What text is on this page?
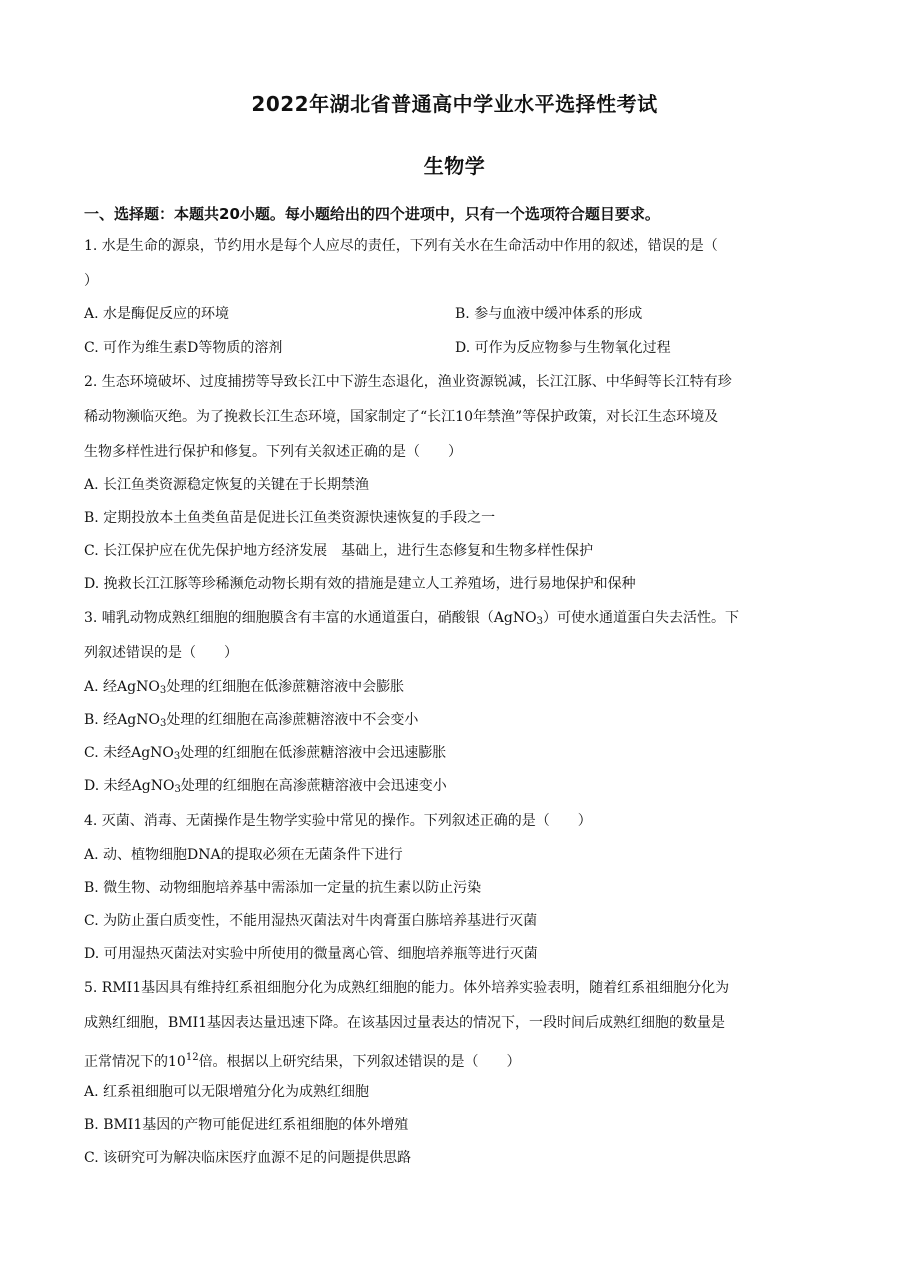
2022年湖北省普通高中学业水平选择性考试
生物学
一、选择题：本题共20小题。每小题给出的四个进项中，只有一个选项符合题目要求。
1. 水是生命的源泉，节约用水是每个人应尽的责任，下列有关水在生命活动中作用的叙述，错误的是（
）
A. 水是酶促反应的环境	B. 参与血液中缓冲体系的形成
C. 可作为维生素D等物质的溶剂	D. 可作为反应物参与生物氧化过程
2. 生态环境破坏、过度捕捞等导致长江中下游生态退化，渔业资源锐减，长江江豚、中华鲟等长江特有珍
稀动物濒临灭绝。为了挽救长江生态环境，国家制定了“长江10年禁渔”等保护政策，对长江生态环境及
生物多样性进行保护和修复。下列有关叙述正确的是（　　）
A. 长江鱼类资源稳定恢复的关键在于长期禁渔
B. 定期投放本土鱼类鱼苗是促进长江鱼类资源快速恢复的手段之一
C. 长江保护应在优先保护地方经济发展　基础上，进行生态修复和生物多样性保护
D. 挽救长江江豚等珍稀濒危动物长期有效的措施是建立人工养殖场，进行易地保护和保种
3. 哺乳动物成熟红细胞的细胞膜含有丰富的水通道蛋白，硝酸银（AgNO$_3$）可使水通道蛋白失去活性。下
列叙述错误的是（　　）
A. 经AgNO$_3$处理的红细胞在低渗蔗糖溶液中会膨胀
B. 经AgNO$_3$处理的红细胞在高渗蔗糖溶液中不会变小
C. 未经AgNO$_3$处理的红细胞在低渗蔗糖溶液中会迅速膨胀
D. 未经AgNO$_3$处理的红细胞在高渗蔗糖溶液中会迅速变小
4. 灭菌、消毒、无菌操作是生物学实验中常见的操作。下列叙述正确的是（　　）
A. 动、植物细胞DNA的提取必须在无菌条件下进行
B. 微生物、动物细胞培养基中需添加一定量的抗生素以防止污染
C. 为防止蛋白质变性，不能用湿热灭菌法对牛肉膏蛋白胨培养基进行灭菌
D. 可用湿热灭菌法对实验中所使用的微量离心管、细胞培养瓶等进行灭菌
5. RMI1基因具有维持红系祖细胞分化为成熟红细胞的能力。体外培养实验表明，随着红系祖细胞分化为
成熟红细胞，BMI1基因表达量迅速下降。在该基因过量表达的情况下，一段时间后成熟红细胞的数量是
正常情况下的$10^{12}$倍。根据以上研究结果，下列叙述错误的是（　　）
A. 红系祖细胞可以无限增殖分化为成熟红细胞
B. BMI1基因的产物可能促进红系祖细胞的体外增殖
C. 该研究可为解决临床医疗血源不足的问题提供思路
